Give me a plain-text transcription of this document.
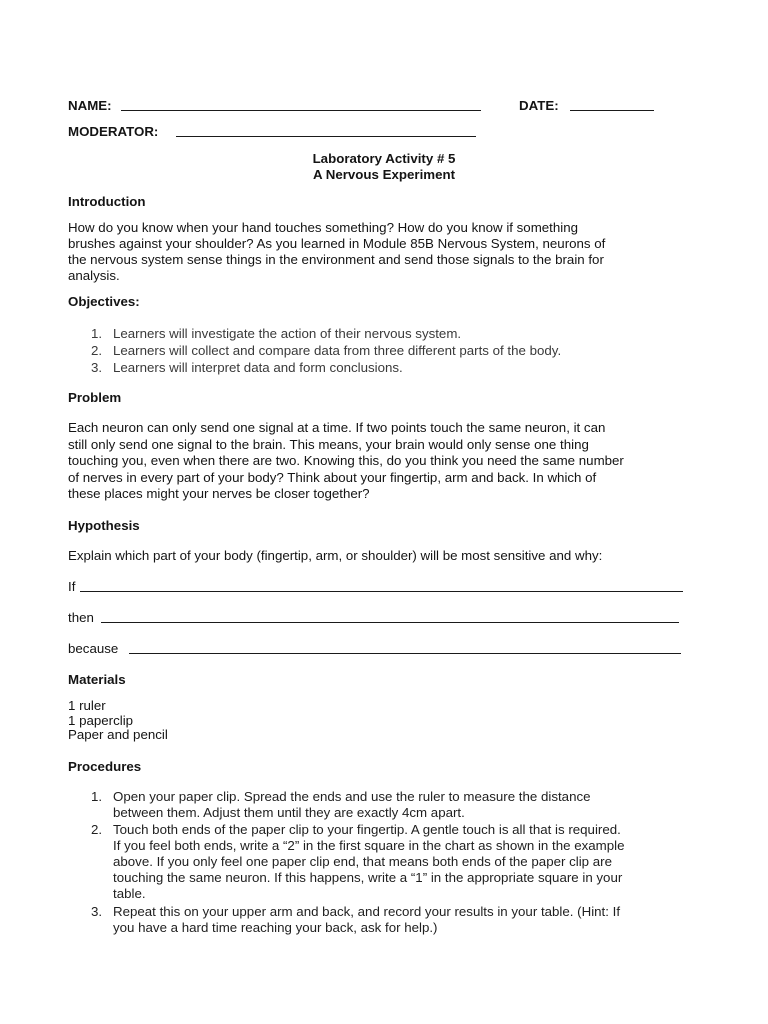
NAME:	DATE:
MODERATOR:
Laboratory Activity # 5
A Nervous Experiment
Introduction
How do you know when your hand touches something? How do you know if something
brushes against your shoulder? As you learned in Module 85B Nervous System, neurons of
the nervous system sense things in the environment and send those signals to the brain for
analysis.
Objectives:
1. Learners will investigate the action of their nervous system.
2. Learners will collect and compare data from three different parts of the body.
3. Learners will interpret data and form conclusions.
Problem
Each neuron can only send one signal at a time. If two points touch the same neuron, it can
still only send one signal to the brain. This means, your brain would only sense one thing
touching you, even when there are two. Knowing this, do you think you need the same number
of nerves in every part of your body? Think about your fingertip, arm and back. In which of
these places might your nerves be closer together?
Hypothesis
Explain which part of your body (fingertip, arm, or shoulder) will be most sensitive and why:
If
then
because
Materials
1 ruler
1 paperclip
Paper and pencil
Procedures
1. Open your paper clip. Spread the ends and use the ruler to measure the distance
between them. Adjust them until they are exactly 4cm apart.
2. Touch both ends of the paper clip to your fingertip. A gentle touch is all that is required.
If you feel both ends, write a “2” in the first square in the chart as shown in the example
above. If you only feel one paper clip end, that means both ends of the paper clip are
touching the same neuron. If this happens, write a “1” in the appropriate square in your
table.
3. Repeat this on your upper arm and back, and record your results in your table. (Hint: If
you have a hard time reaching your back, ask for help.)
